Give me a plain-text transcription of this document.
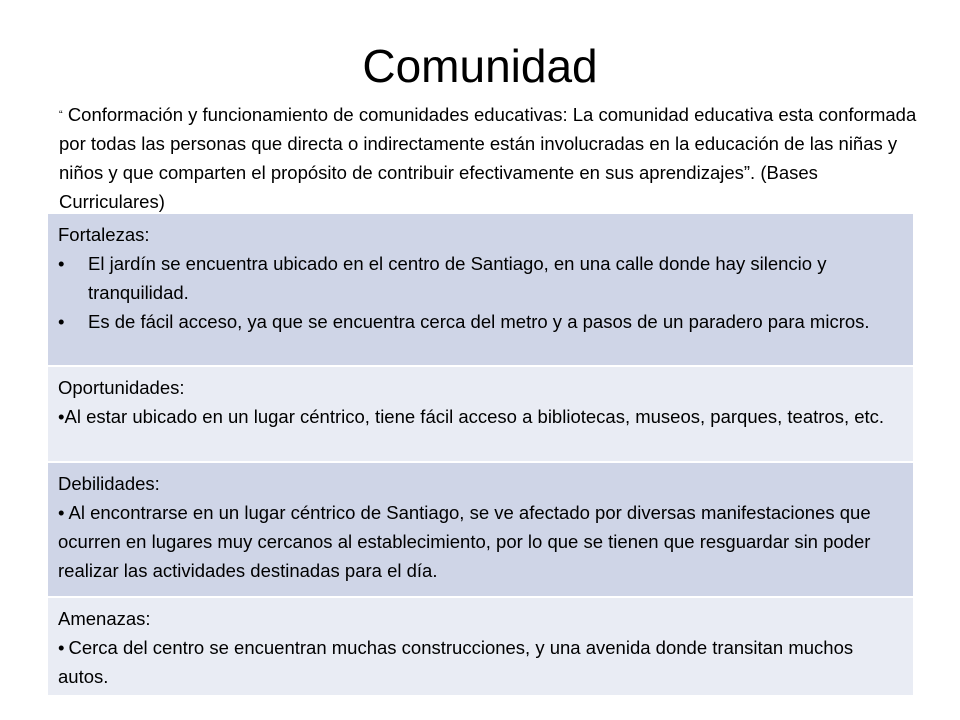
Comunidad
“ Conformación y funcionamiento de comunidades educativas: La comunidad educativa esta conformada por todas las personas que directa o indirectamente están involucradas en la educación de las niñas y niños y que comparten el propósito de contribuir efectivamente en sus aprendizajes”. (Bases Curriculares)
Fortalezas:
• El jardín se encuentra ubicado en el centro de Santiago, en una calle donde hay silencio y tranquilidad.
• Es de fácil acceso, ya que se encuentra cerca del metro y a pasos de un paradero para micros.
Oportunidades:
•Al estar ubicado en un lugar céntrico, tiene fácil acceso a bibliotecas, museos, parques, teatros, etc.
Debilidades:
• Al encontrarse en un lugar céntrico de Santiago, se ve afectado por diversas manifestaciones que ocurren en lugares muy cercanos al establecimiento, por lo que se tienen que resguardar sin poder realizar las actividades destinadas para el día.
Amenazas:
• Cerca del centro se encuentran muchas construcciones, y una avenida donde transitan muchos autos.
